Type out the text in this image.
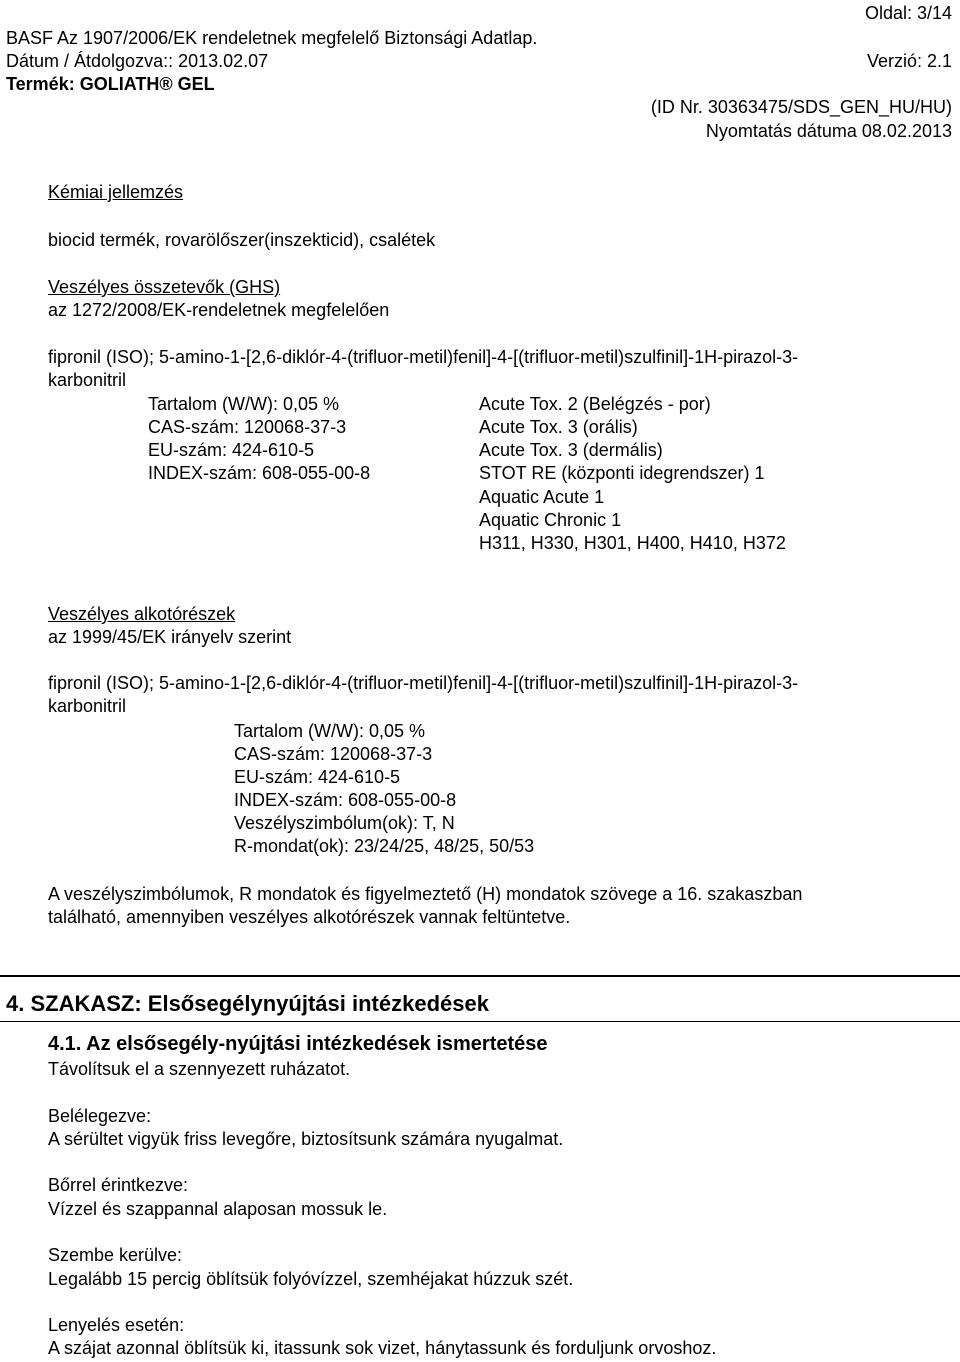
Oldal: 3/14
BASF Az 1907/2006/EK rendeletnek megfelelő Biztonsági Adatlap.
Dátum / Átdolgozva:: 2013.02.07	Verzió: 2.1
Termék: GOLIATH® GEL
(ID Nr. 30363475/SDS_GEN_HU/HU)
Nyomtatás dátuma 08.02.2013
Kémiai jellemzés
biocid termék, rovarölőszer(inszekticid), csalétek
Veszélyes összetevők (GHS)
az 1272/2008/EK-rendeletnek megfelelően
fipronil (ISO); 5-amino-1-[2,6-diklór-4-(trifluor-metil)fenil]-4-[(trifluor-metil)szulfinil]-1H-pirazol-3-
karbonitril
Tartalom (W/W): 0,05 %
CAS-szám: 120068-37-3
EU-szám: 424-610-5
INDEX-szám: 608-055-00-8
Acute Tox. 2 (Belégzés - por)
Acute Tox. 3 (orális)
Acute Tox. 3 (dermális)
STOT RE (központi idegrendszer) 1
Aquatic Acute 1
Aquatic Chronic 1
H311, H330, H301, H400, H410, H372
Veszélyes alkotórészek
az 1999/45/EK irányelv szerint
fipronil (ISO); 5-amino-1-[2,6-diklór-4-(trifluor-metil)fenil]-4-[(trifluor-metil)szulfinil]-1H-pirazol-3-
karbonitril
Tartalom (W/W): 0,05 %
CAS-szám: 120068-37-3
EU-szám: 424-610-5
INDEX-szám: 608-055-00-8
Veszélyszimbólum(ok): T, N
R-mondat(ok): 23/24/25, 48/25, 50/53
A veszélyszimbólumok, R mondatok és figyelmeztető (H) mondatok szövege a 16. szakaszban
található, amennyiben veszélyes alkotórészek vannak feltüntetve.
4. SZAKASZ: Elsősegélynyújtási intézkedések
4.1. Az elsősegély-nyújtási intézkedések ismertetése
Távolítsuk el a szennyezett ruházatot.
Belélegezve:
A sérültet vigyük friss levegőre, biztosítsunk számára nyugalmat.
Bőrrel érintkezve:
Vízzel és szappannal alaposan mossuk le.
Szembe kerülve:
Legalább 15 percig öblítsük folyóvízzel, szemhéjakat húzzuk szét.
Lenyelés esetén:
A szájat azonnal öblítsük ki, itassunk sok vizet, hánytassunk és forduljunk orvoshoz.
